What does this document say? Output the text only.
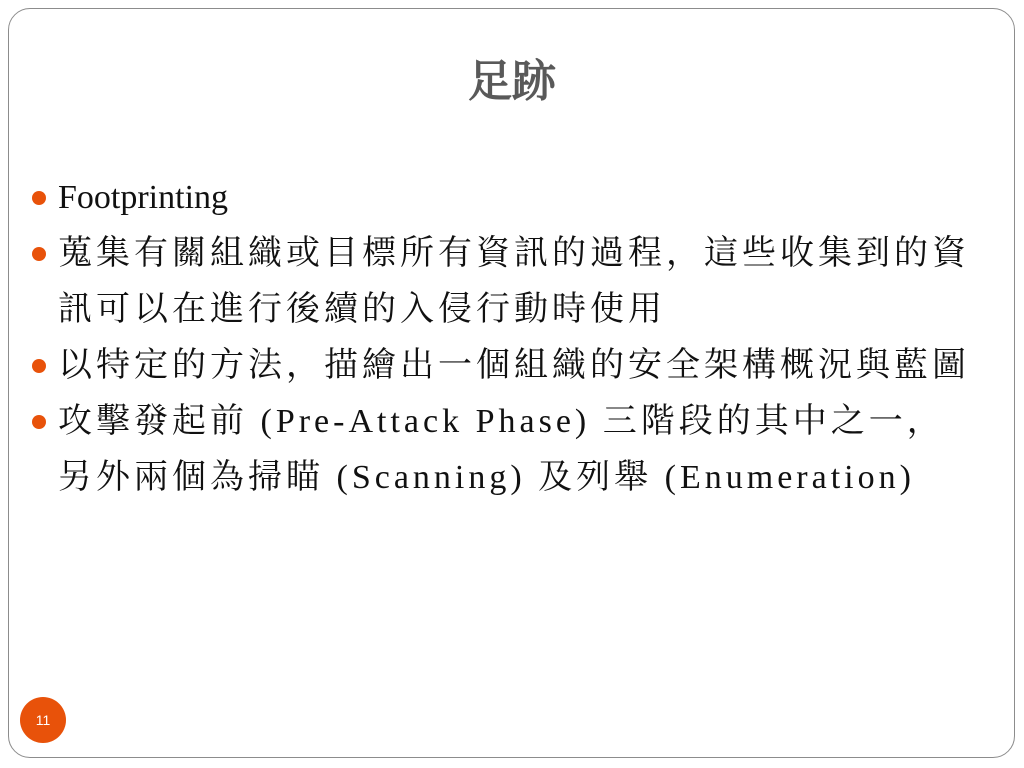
足跡
Footprinting
蒐集有關組織或目標所有資訊的過程，這些收集到的資訊可以在進行後續的入侵行動時使用
以特定的方法，描繪出一個組織的安全架構概況與藍圖
攻擊發起前 (Pre-Attack Phase) 三階段的其中之一，另外兩個為掃瞄 (Scanning) 及列舉 (Enumeration)
11
